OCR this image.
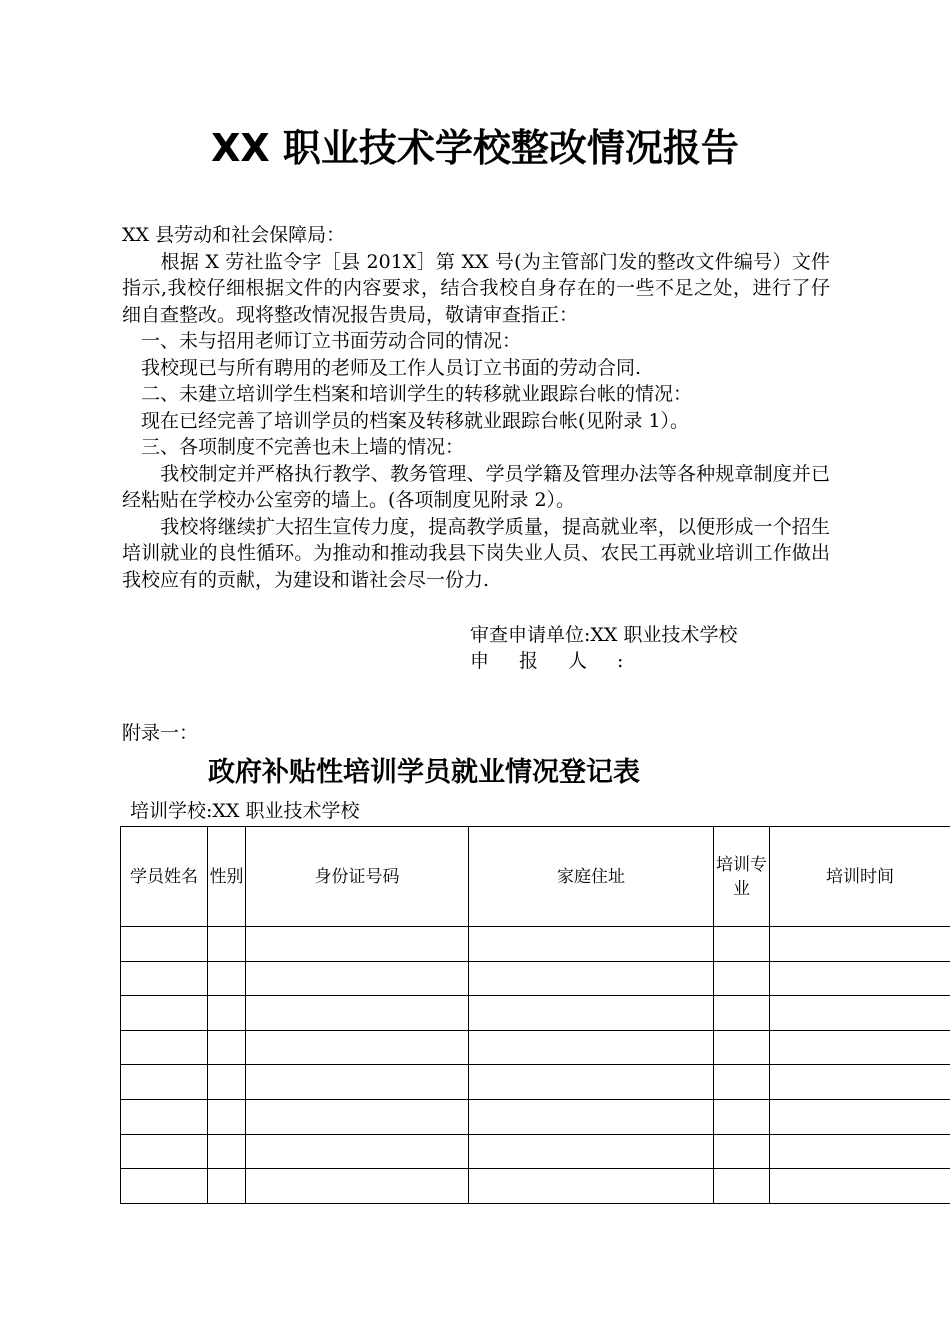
XX 职业技术学校整改情况报告

XX 县劳动和社会保障局：

　　根据 X 劳社监令字［县 201X］第 XX 号(为主管部门发的整改文件编号）文件指示,我校仔细根据文件的内容要求，结合我校自身存在的一些不足之处，进行了仔细自查整改。现将整改情况报告贵局，敬请审查指正：

　一、未与招用老师订立书面劳动合同的情况：

　我校现已与所有聘用的老师及工作人员订立书面的劳动合同.

　二、未建立培训学生档案和培训学生的转移就业跟踪台帐的情况：

　现在已经完善了培训学员的档案及转移就业跟踪台帐(见附录 1）。

　三、各项制度不完善也未上墙的情况：

　　我校制定并严格执行教学、教务管理、学员学籍及管理办法等各种规章制度并已经粘贴在学校办公室旁的墙上。(各项制度见附录 2）。

　　我校将继续扩大招生宣传力度，提高教学质量，提高就业率，以便形成一个招生培训就业的良性循环。为推动和推动我县下岗失业人员、农民工再就业培训工作做出我校应有的贡献，为建设和谐社会尽一份力.

审查申请单位:XX 职业技术学校
申报人:
附录一：
政府补贴性培训学员就业情况登记表
培训学校:XX 职业技术学校
学员姓名	性别	身份证号码	家庭住址	培训专业	培训时间
